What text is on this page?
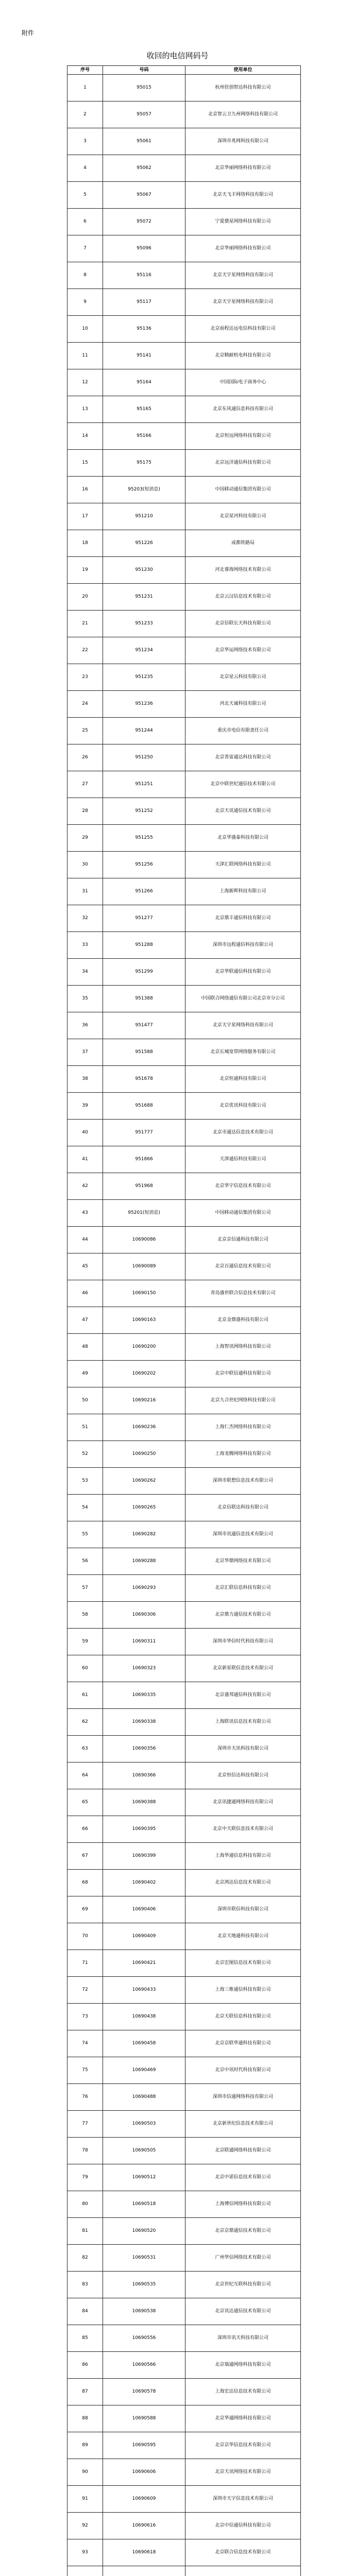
附件
收回的电信网码号
序号	号码	使用单位
1	95015	杭州佳创智达科技有限公司
2	95057	北京智云卫九州网络科技有限公司
3	95061	深圳市兆网科技有限公司
4	95062	北京华丽网络科技有限公司
5	95067	北京天飞丰网络科技有限公司
6	95072	宁夏鼎星网络科技有限公司
7	95096	北京华丽网络科技有限公司
8	95116	北京天宇星网络科技有限公司
9	95117	北京天宇星网络科技有限公司
10	95136	北京前程达远电信科技有限公司
11	95141	北京精耐机电科技有限公司
12	95164	中国国际电子商务中心
13	95165	北京东风通信息科技有限公司
14	95166	北京恒远网络科技有限公司
15	95175	北京远洋通信科技有限公司
16	95203(短消息)	中国移动通信集团有限公司
17	951210	北京星河科技有限公司
18	951226	成都铁路局
19	951230	河北睿海网络技术有限公司
20	951231	北京云汉信息技术有限公司
21	951233	北京信联长天科技有限公司
22	951234	北京华运网络技术有限公司
23	951235	北京星云科技有限公司
24	951236	河北天诚科技有限公司
25	951244	重庆市电信有限责任公司
26	951250	北京普雷通达科技有限公司
27	951251	北京中联世纪通信技术有限公司
28	951252	北京天讯通信技术有限公司
29	951255	北京华盛泰科技有限公司
30	951256	天津汇联网络科技有限公司
31	951266	上海新晖科技有限公司
32	951277	北京鼎丰通信科技有限公司
33	951288	深圳市远程通信科技有限公司
34	951299	北京华联通信科技有限公司
35	951388	中国联合网络通信有限公司北京市分公司
36	951477	北京天宇星网络科技有限公司
37	951588	北京长城宽带网络服务有限公司
38	951678	北京恒通科技有限公司
39	951688	北京优讯科技有限公司
40	951777	北京市通达信息技术有限公司
41	951866	天津通信科技有限公司
42	951968	北京华宇信息技术有限公司
43	95201(短消息)	中国移动通信集团有限公司
44	10690086	北京京信通科技有限公司
45	10690089	北京百通信息技术有限公司
46	10690150	青岛盛世联合信息技术有限公司
47	10690163	北京金鼎盛科技有限公司
48	10690200	上海智讯网络科技有限公司
49	10690202	北京中联信通科技有限公司
50	10690216	北京九合世纪网络科技有限公司
51	10690236	上海仁杰网络科技有限公司
52	10690250	上海龙腾网络科技有限公司
53	10690262	深圳市联想信息技术有限公司
54	10690265	北京信联达科技有限公司
55	10690282	深圳市讯通信息技术有限公司
56	10690288	北京华鼎网络技术有限公司
57	10690293	北京汇联信息科技有限公司
58	10690306	北京鼎力通信技术有限公司
59	10690311	深圳市华信时代科技有限公司
60	10690323	北京新星联信息技术有限公司
61	10690335	北京盛邦通信科技有限公司
62	10690338	上海联讯信息技术有限公司
63	10690356	深圳市天讯科技有限公司
64	10690366	北京恒信达科技有限公司
65	10690388	北京讯捷通网络科技有限公司
66	10690395	北京中天联信息技术有限公司
67	10690399	上海华通信息科技有限公司
68	10690402	北京鸿达信息技术有限公司
69	10690406	深圳市联信科技有限公司
70	10690409	北京天地通科技有限公司
71	10690421	北京宏图信息技术有限公司
72	10690433	上海三维通信科技有限公司
73	10690438	北京天联信息科技有限公司
74	10690458	北京京联华通科技有限公司
75	10690469	北京中讯时代科技有限公司
76	10690488	深圳市信通网络科技有限公司
77	10690503	北京新世纪信息技术有限公司
78	10690505	北京联通网络科技有限公司
79	10690512	北京中诺信息技术有限公司
80	10690518	上海博信网络科技有限公司
81	10690520	北京京鼎通信技术有限公司
82	10690531	广州华信网络技术有限公司
83	10690535	北京世纪互联科技有限公司
84	10690538	北京讯达通信技术有限公司
85	10690556	深圳市讯天科技有限公司
86	10690566	北京瑞通网络科技有限公司
87	10690578	上海宏达信息技术有限公司
88	10690588	北京华通网络科技有限公司
89	10690595	北京京华信息技术有限公司
90	10690606	北京天讯网络技术有限公司
91	10690609	深圳市天宇信息技术有限公司
92	10690616	北京中信通信科技有限公司
93	10690618	北京联合信息技术有限公司
